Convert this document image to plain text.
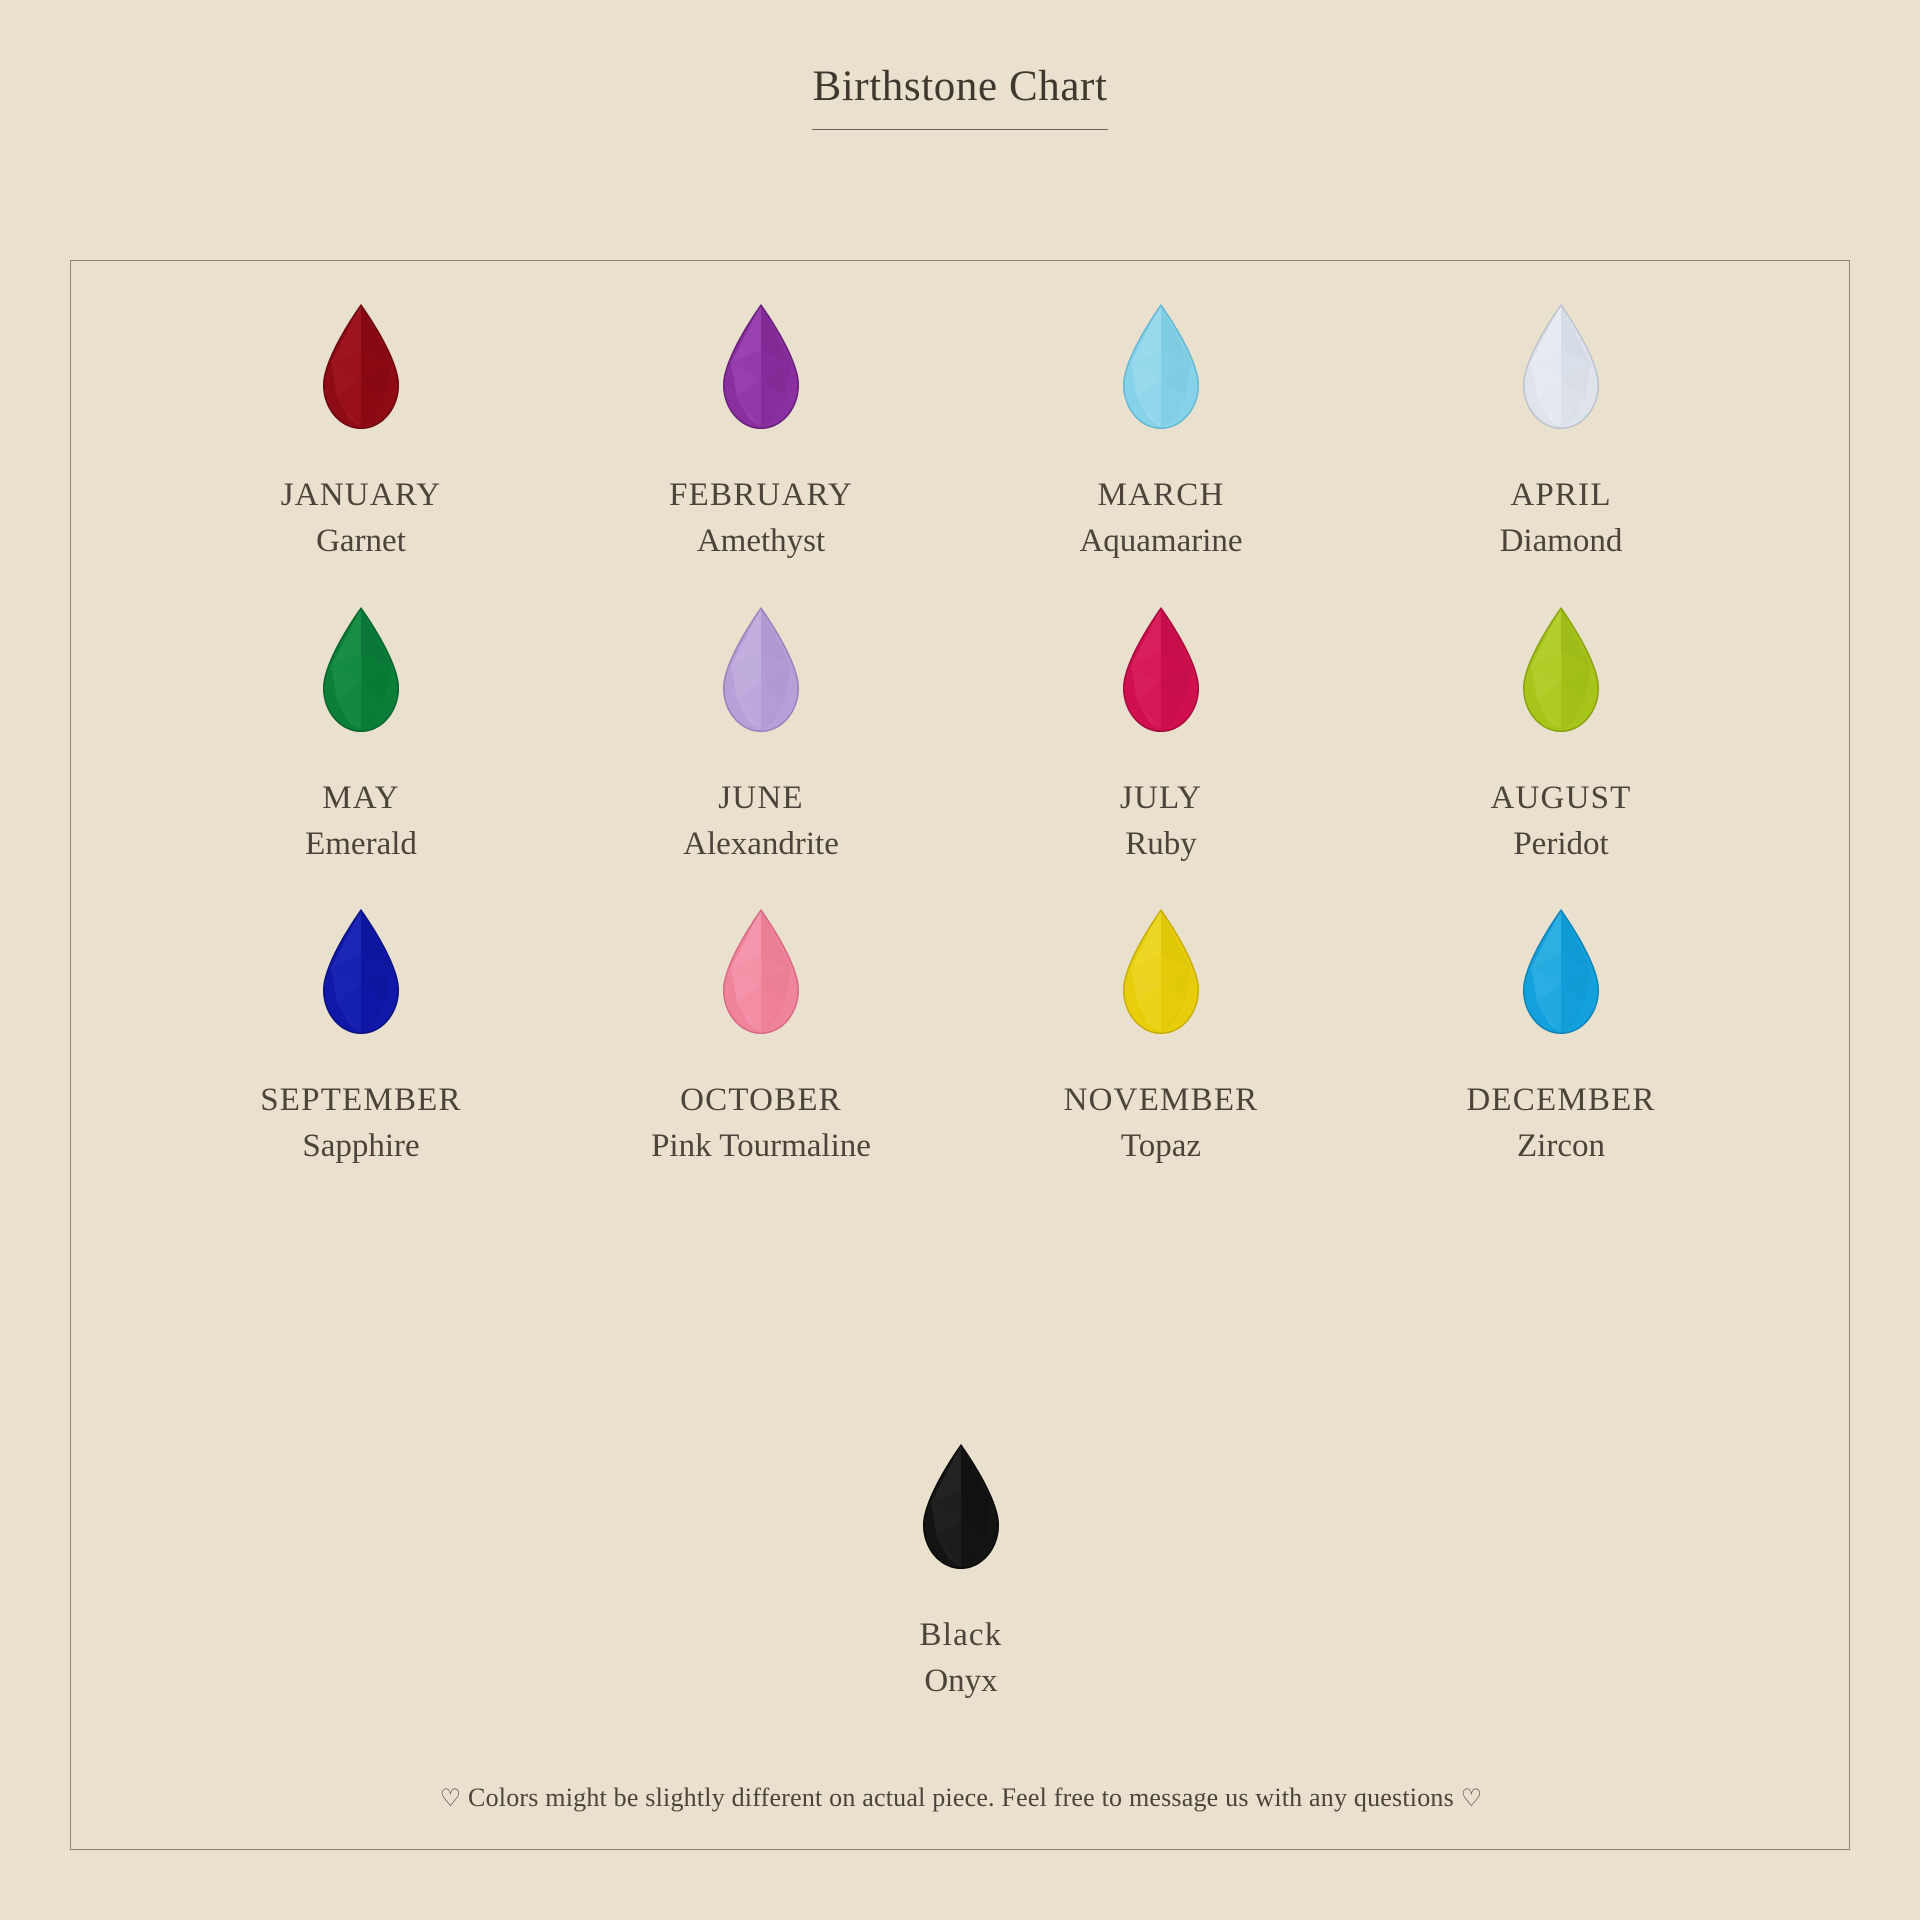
Birthstone Chart
JANUARY
Garnet
FEBRUARY
Amethyst
MARCH
Aquamarine
APRIL
Diamond
MAY
Emerald
JUNE
Alexandrite
JULY
Ruby
AUGUST
Peridot
SEPTEMBER
Sapphire
OCTOBER
Pink Tourmaline
NOVEMBER
Topaz
DECEMBER
Zircon
Black
Onyx
♡ Colors might be slightly different on actual piece. Feel free to message us with any questions ♡
